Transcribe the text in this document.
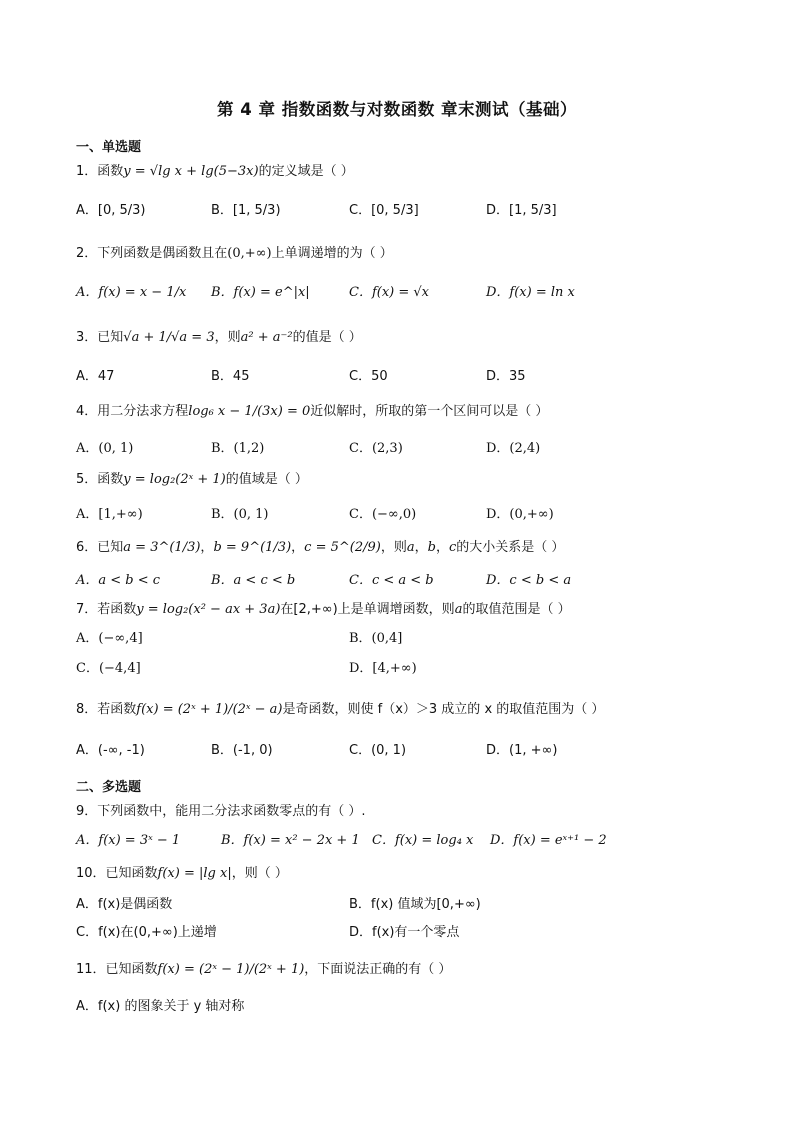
第 4 章 指数函数与对数函数 章末测试（基础）
一、单选题
1．函数y = √lg x + lg(5−3x)的定义域是（ ）
A．[0, 5/3)	B．[1, 5/3)	C．[0, 5/3]	D．[1, 5/3]
2．下列函数是偶函数且在(0,+∞)上单调递增的为（ ）
A．f(x) = x − 1/x B．f(x) = e^|x|	C．f(x) = √x	D．f(x) = ln x
3．已知√a + 1/√a = 3，则a² + a⁻²的值是（ ）
A．47	B．45	C．50	D．35
4．用二分法求方程log₆ x − 1/(3x) = 0近似解时，所取的第一个区间可以是（ ）
A．(0, 1)	B．(1,2)	C．(2,3)	D．(2,4)
5．函数y = log₂(2ˣ + 1)的值域是（ ）
A．[1,+∞)	B．(0, 1)	C．(−∞,0)	D．(0,+∞)
6．已知a = 3^(1/3)，b = 9^(1/3)，c = 5^(2/9)，则a，b，c的大小关系是（ ）
A．a < b < c	B．a < c < b	C．c < a < b	D．c < b < a
7．若函数y = log₂(x² − ax + 3a)在[2,+∞)上是单调增函数，则a的取值范围是（ ）
A．(−∞,4]	B．(0,4]
C．(−4,4]	D．[4,+∞)
8．若函数f(x) = (2ˣ + 1)/(2ˣ − a)是奇函数，则使 f（x）＞3 成立的 x 的取值范围为（ ）
A．(-∞, -1)	B．(-1, 0)	C．(0, 1)	D．(1, +∞)
二、多选题
9．下列函数中，能用二分法求函数零点的有（ ）.
A．f(x) = 3ˣ − 1	B．f(x) = x² − 2x + 1 C．f(x) = log₄ x D．f(x) = eˣ⁺¹ − 2
10．已知函数f(x) = |lg x|，则（ ）
A．f(x)是偶函数	B．f(x) 值域为[0,+∞)
C．f(x)在(0,+∞)上递增	D．f(x)有一个零点
11．已知函数f(x) = (2ˣ − 1)/(2ˣ + 1)，下面说法正确的有（ ）
A．f(x) 的图象关于 y 轴对称
